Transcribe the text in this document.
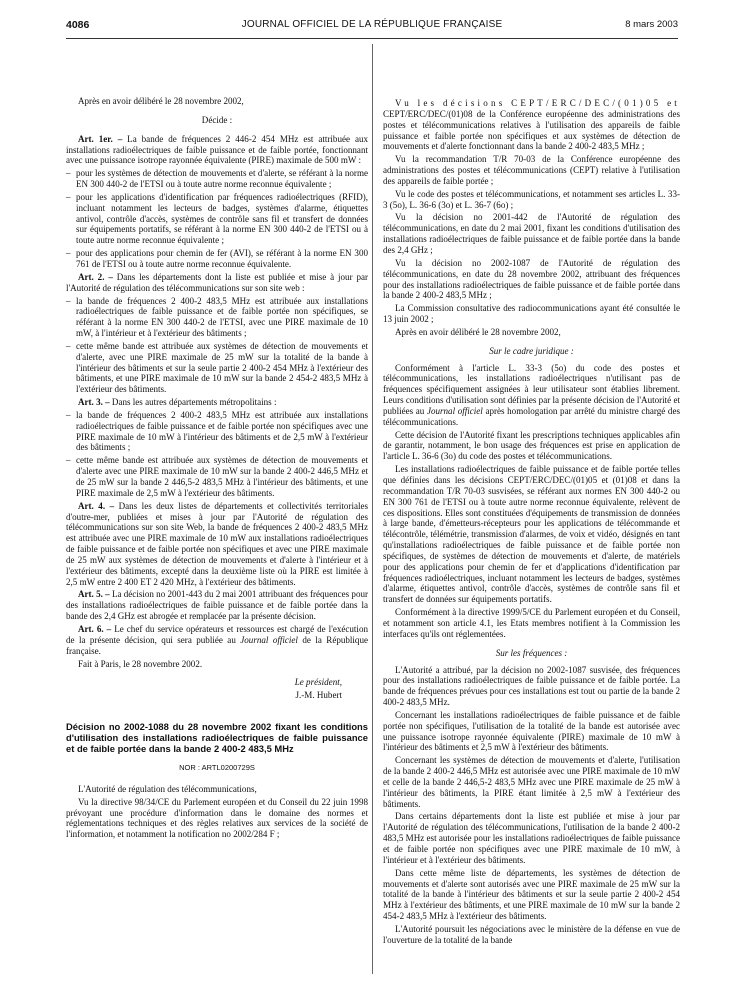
4086	JOURNAL OFFICIEL DE LA RÉPUBLIQUE FRANÇAISE	8 mars 2003

Après en avoir délibéré le 28 novembre 2002,

Décide :

Art. 1er. – La bande de fréquences 2 446-2 454 MHz est attribuée aux installations radioélectriques de faible puissance et de faible portée, fonctionnant avec une puissance isotrope rayonnée équivalente (PIRE) maximale de 500 mW :

– pour les systèmes de détection de mouvements et d'alerte, se référant à la norme EN 300 440-2 de l'ETSI ou à toute autre norme reconnue équivalente ;

– pour les applications d'identification par fréquences radioélectriques (RFID), incluant notamment les lecteurs de badges, systèmes d'alarme, étiquettes antivol, contrôle d'accès, systèmes de contrôle sans fil et transfert de données sur équipements portatifs, se référant à la norme EN 300 440-2 de l'ETSI ou à toute autre norme reconnue équivalente ;

– pour des applications pour chemin de fer (AVI), se référant à la norme EN 300 761 de l'ETSI ou à toute autre norme reconnue équivalente.

Art. 2. – Dans les départements dont la liste est publiée et mise à jour par l'Autorité de régulation des télécommunications sur son site web :

– la bande de fréquences 2 400-2 483,5 MHz est attribuée aux installations radioélectriques de faible puissance et de faible portée non spécifiques, se référant à la norme EN 300 440-2 de l'ETSI, avec une PIRE maximale de 10 mW, à l'intérieur et à l'extérieur des bâtiments ;

– cette même bande est attribuée aux systèmes de détection de mouvements et d'alerte, avec une PIRE maximale de 25 mW sur la totalité de la bande à l'intérieur des bâtiments et sur la seule partie 2 400-2 454 MHz à l'extérieur des bâtiments, et une PIRE maximale de 10 mW sur la bande 2 454-2 483,5 MHz à l'extérieur des bâtiments.

Art. 3. – Dans les autres départements métropolitains :

– la bande de fréquences 2 400-2 483,5 MHz est attribuée aux installations radioélectriques de faible puissance et de faible portée non spécifiques avec une PIRE maximale de 10 mW à l'intérieur des bâtiments et de 2,5 mW à l'extérieur des bâtiments ;

– cette même bande est attribuée aux systèmes de détection de mouvements et d'alerte avec une PIRE maximale de 10 mW sur la bande 2 400-2 446,5 MHz et de 25 mW sur la bande 2 446,5-2 483,5 MHz à l'intérieur des bâtiments, et une PIRE maximale de 2,5 mW à l'extérieur des bâtiments.

Art. 4. – Dans les deux listes de départements et collectivités territoriales d'outre-mer, publiées et mises à jour par l'Autorité de régulation des télécommunications sur son site Web, la bande de fréquences 2 400-2 483,5 MHz est attribuée avec une PIRE maximale de 10 mW aux installations radioélectriques de faible puissance et de faible portée non spécifiques et avec une PIRE maximale de 25 mW aux systèmes de détection de mouvements et d'alerte à l'intérieur et à l'extérieur des bâtiments, excepté dans la deuxième liste où la PIRE est limitée à 2,5 mW entre 2 400 ET 2 420 MHz, à l'extérieur des bâtiments.

Art. 5. – La décision no 2001-443 du 2 mai 2001 attribuant des fréquences pour des installations radioélectriques de faible puissance et de faible portée dans la bande des 2,4 GHz est abrogée et remplacée par la présente décision.

Art. 6. – Le chef du service opérateurs et ressources est chargé de l'exécution de la présente décision, qui sera publiée au Journal officiel de la République française.

Fait à Paris, le 28 novembre 2002.

Le président,

J.-M. Hubert

Décision no 2002-1088 du 28 novembre 2002 fixant les conditions d'utilisation des installations radioélectriques de faible puissance et de faible portée dans la bande 2 400-2 483,5 MHz

NOR : ARTL0200729S

L'Autorité de régulation des télécommunications,

Vu la directive 98/34/CE du Parlement européen et du Conseil du 22 juin 1998 prévoyant une procédure d'information dans le domaine des normes et réglementations techniques et des règles relatives aux services de la société de l'information, et notamment la notification no 2002/284 F ;

Vu les décisions CEPT/ERC/DEC/(01)05 et CEPT/ERC/DEC/(01)08 de la Conférence européenne des administrations des postes et télécommunications relatives à l'utilisation des appareils de faible puissance et faible portée non spécifiques et aux systèmes de détection de mouvements et d'alerte fonctionnant dans la bande 2 400-2 483,5 MHz ;

Vu la recommandation T/R 70-03 de la Conférence européenne des administrations des postes et télécommunications (CEPT) relative à l'utilisation des appareils de faible portée ;

Vu le code des postes et télécommunications, et notamment ses articles L. 33-3 (5o), L. 36-6 (3o) et L. 36-7 (6o) ;

Vu la décision no 2001-442 de l'Autorité de régulation des télécommunications, en date du 2 mai 2001, fixant les conditions d'utilisation des installations radioélectriques de faible puissance et de faible portée dans la bande des 2,4 GHz ;

Vu la décision no 2002-1087 de l'Autorité de régulation des télécommunications, en date du 28 novembre 2002, attribuant des fréquences pour des installations radioélectriques de faible puissance et de faible portée dans la bande 2 400-2 483,5 MHz ;

La Commission consultative des radiocommunications ayant été consultée le 13 juin 2002 ;

Après en avoir délibéré le 28 novembre 2002,

Sur le cadre juridique :

Conformément à l'article L. 33-3 (5o) du code des postes et télécommunications, les installations radioélectriques n'utilisant pas de fréquences spécifiquement assignées à leur utilisateur sont établies librement. Leurs conditions d'utilisation sont définies par la présente décision de l'Autorité et publiées au Journal officiel après homologation par arrêté du ministre chargé des télécommunications.

Cette décision de l'Autorité fixant les prescriptions techniques applicables afin de garantir, notamment, le bon usage des fréquences est prise en application de l'article L. 36-6 (3o) du code des postes et télécommunications.

Les installations radioélectriques de faible puissance et de faible portée telles que définies dans les décisions CEPT/ERC/DEC/(01)05 et (01)08 et dans la recommandation T/R 70-03 susvisées, se référant aux normes EN 300 440-2 ou EN 300 761 de l'ETSI ou à toute autre norme reconnue équivalente, relèvent de ces dispositions. Elles sont constituées d'équipements de transmission de données à large bande, d'émetteurs-récepteurs pour les applications de télécommande et télécontrôle, télémétrie, transmission d'alarmes, de voix et vidéo, désignés en tant qu'installations radioélectriques de faible puissance et de faible portée non spécifiques, de systèmes de détection de mouvements et d'alerte, de matériels pour des applications pour chemin de fer et d'applications d'identification par fréquences radioélectriques, incluant notamment les lecteurs de badges, systèmes d'alarme, étiquettes antivol, contrôle d'accès, systèmes de contrôle sans fil et transfert de données sur équipements portatifs.

Conformément à la directive 1999/5/CE du Parlement européen et du Conseil, et notamment son article 4.1, les Etats membres notifient à la Commission les interfaces qu'ils ont réglementées.

Sur les fréquences :

L'Autorité a attribué, par la décision no 2002-1087 susvisée, des fréquences pour des installations radioélectriques de faible puissance et de faible portée. La bande de fréquences prévues pour ces installations est tout ou partie de la bande 2 400-2 483,5 MHz.

Concernant les installations radioélectriques de faible puissance et de faible portée non spécifiques, l'utilisation de la totalité de la bande est autorisée avec une puissance isotrope rayonnée équivalente (PIRE) maximale de 10 mW à l'intérieur des bâtiments et 2,5 mW à l'extérieur des bâtiments.

Concernant les systèmes de détection de mouvements et d'alerte, l'utilisation de la bande 2 400-2 446,5 MHz est autorisée avec une PIRE maximale de 10 mW et celle de la bande 2 446,5-2 483,5 MHz avec une PIRE maximale de 25 mW à l'intérieur des bâtiments, la PIRE étant limitée à 2,5 mW à l'extérieur des bâtiments.

Dans certains départements dont la liste est publiée et mise à jour par l'Autorité de régulation des télécommunications, l'utilisation de la bande 2 400-2 483,5 MHz est autorisée pour les installations radioélectriques de faible puissance et de faible portée non spécifiques avec une PIRE maximale de 10 mW, à l'intérieur et à l'extérieur des bâtiments.

Dans cette même liste de départements, les systèmes de détection de mouvements et d'alerte sont autorisés avec une PIRE maximale de 25 mW sur la totalité de la bande à l'intérieur des bâtiments et sur la seule partie 2 400-2 454 MHz à l'extérieur des bâtiments, et une PIRE maximale de 10 mW sur la bande 2 454-2 483,5 MHz à l'extérieur des bâtiments.

L'Autorité poursuit les négociations avec le ministère de la défense en vue de l'ouverture de la totalité de la bande
